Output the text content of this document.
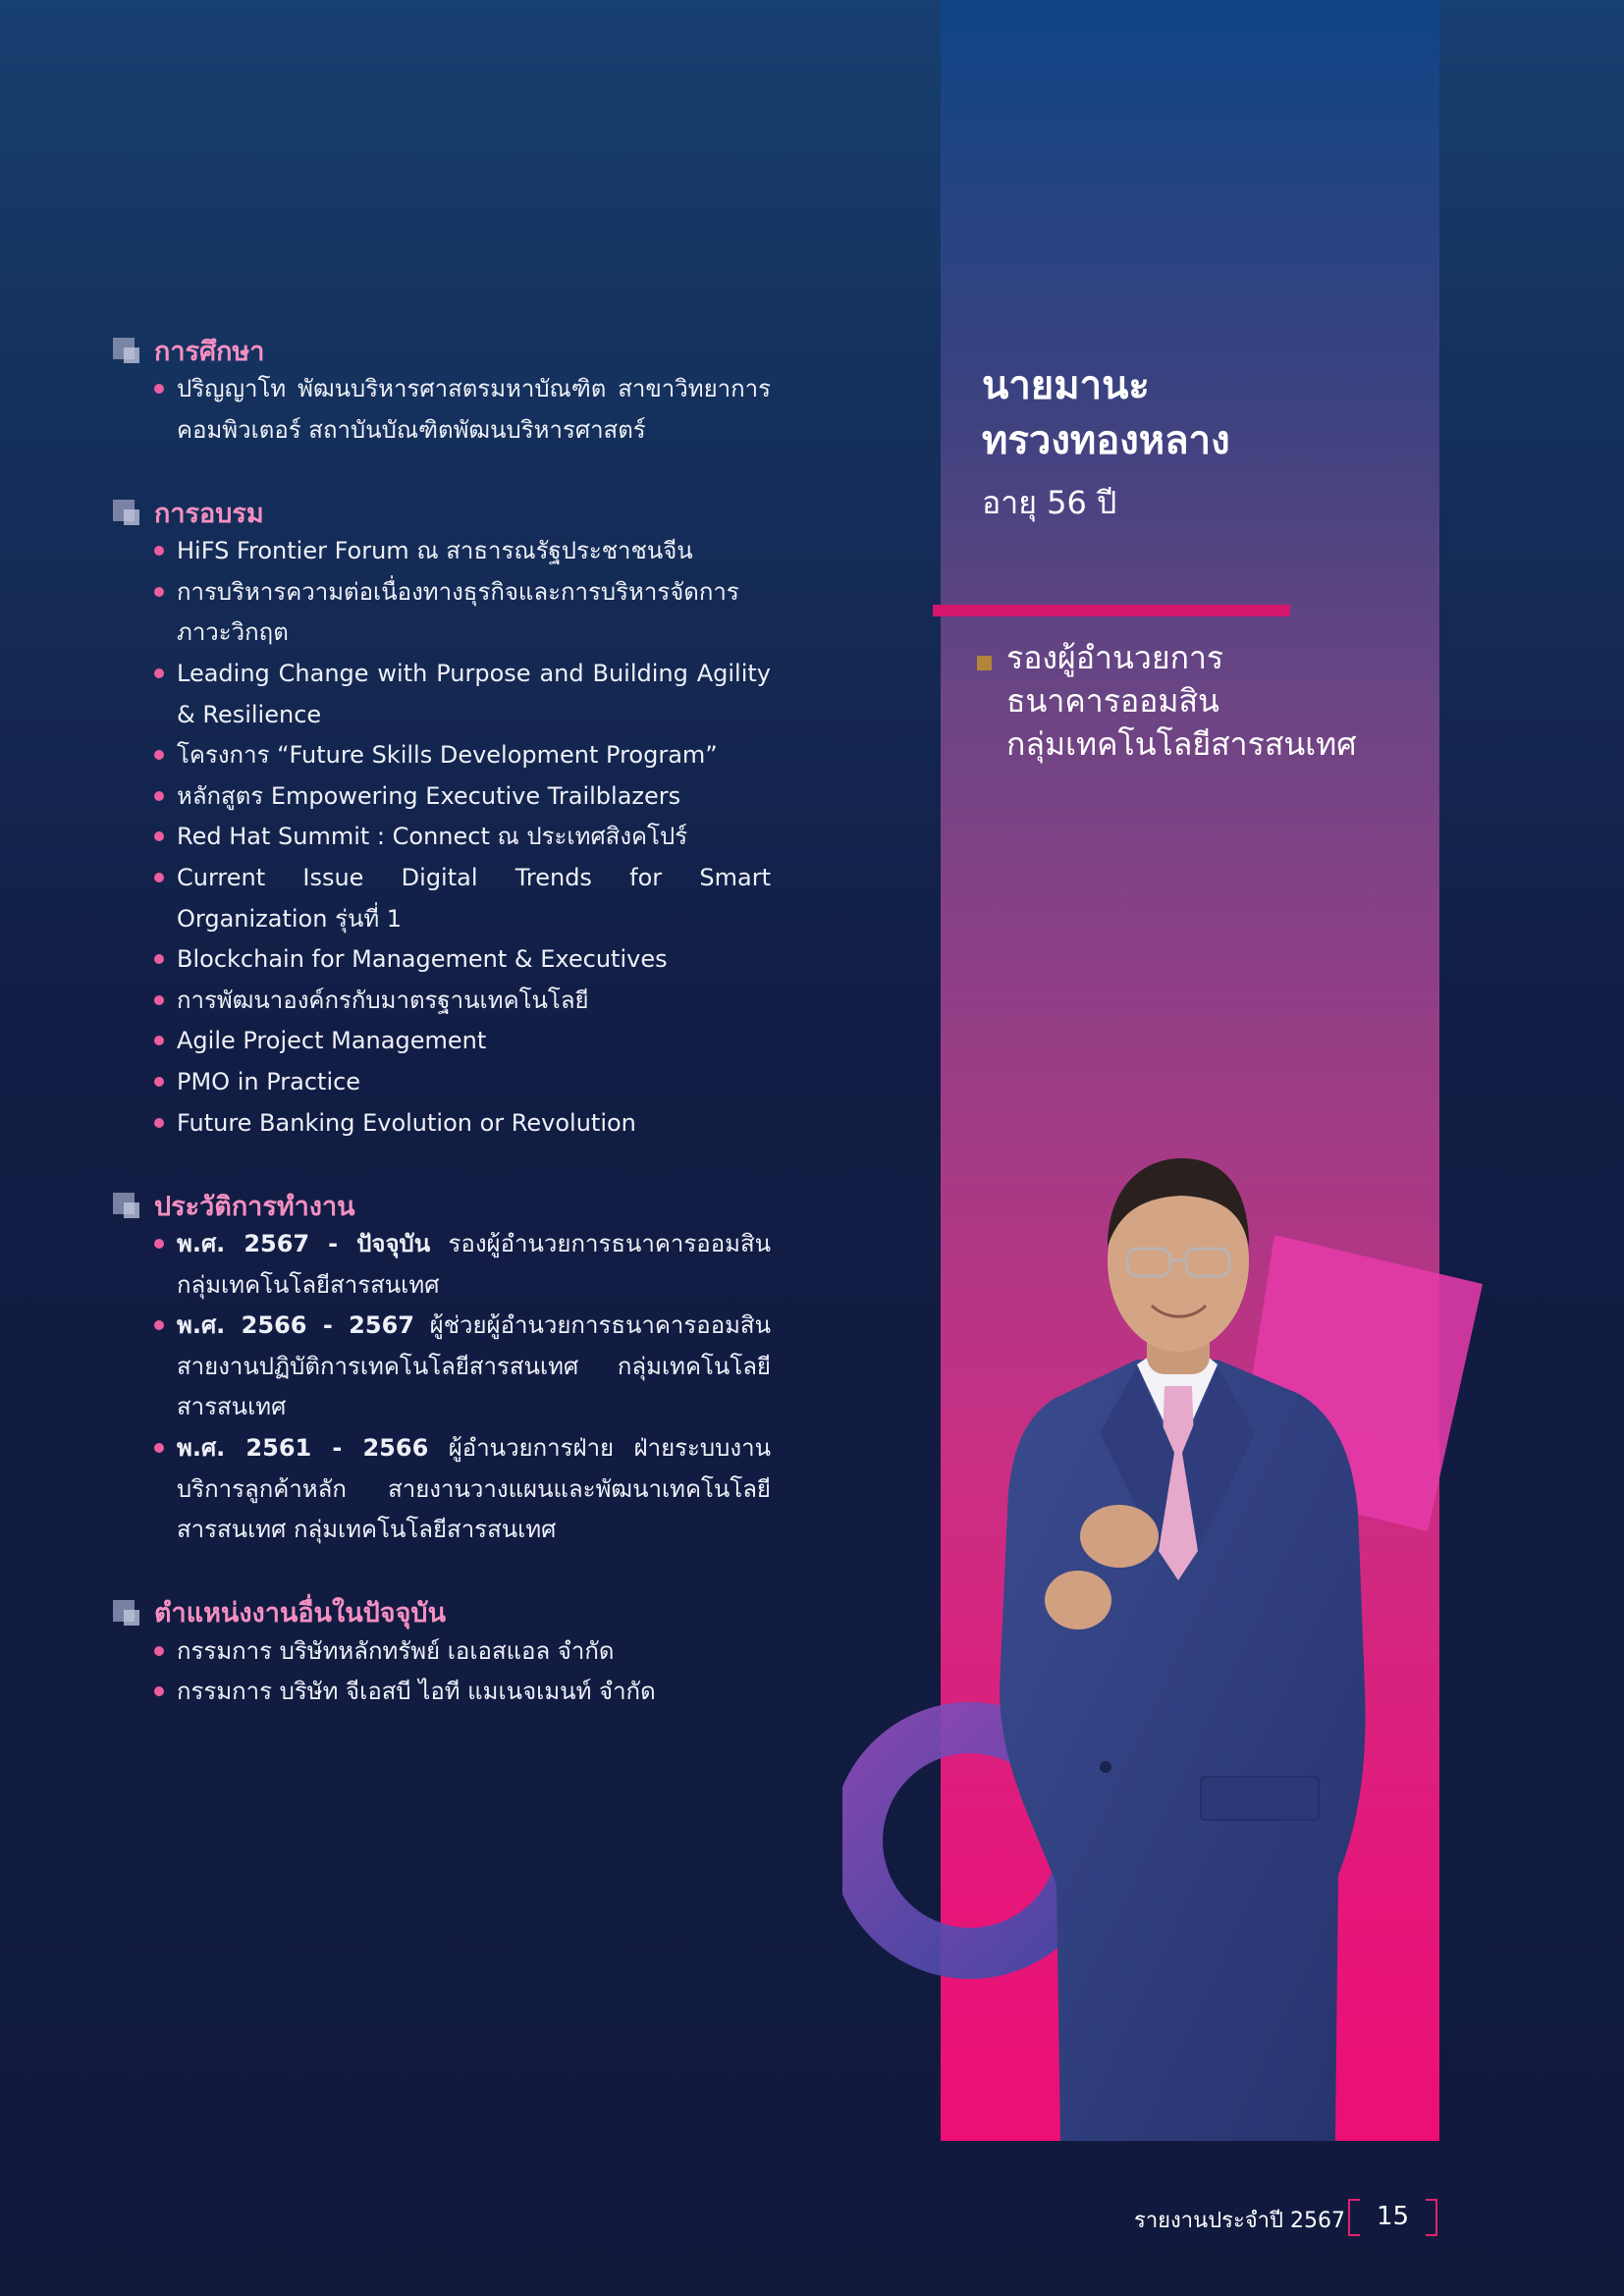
การศึกษา
ปริญญาโท พัฒนบริหารศาสตรมหาบัณฑิต สาขาวิทยาการคอมพิวเตอร์ สถาบันบัณฑิตพัฒนบริหารศาสตร์
การอบรม
HiFS Frontier Forum ณ สาธารณรัฐประชาชนจีน
การบริหารความต่อเนื่องทางธุรกิจและการบริหารจัดการภาวะวิกฤต
Leading Change with Purpose and Building Agility & Resilience
โครงการ “Future Skills Development Program”
หลักสูตร Empowering Executive Trailblazers
Red Hat Summit : Connect ณ ประเทศสิงคโปร์
Current Issue Digital Trends for Smart Organization รุ่นที่ 1
Blockchain for Management & Executives
การพัฒนาองค์กรกับมาตรฐานเทคโนโลยี
Agile Project Management
PMO in Practice
Future Banking Evolution or Revolution
ประวัติการทำงาน
พ.ศ. 2567 - ปัจจุบัน รองผู้อำนวยการธนาคารออมสิน กลุ่มเทคโนโลยีสารสนเทศ
พ.ศ. 2566 - 2567 ผู้ช่วยผู้อำนวยการธนาคารออมสิน สายงานปฏิบัติการเทคโนโลยีสารสนเทศ กลุ่มเทคโนโลยีสารสนเทศ
พ.ศ. 2561 - 2566 ผู้อำนวยการฝ่าย ฝ่ายระบบงานบริการลูกค้าหลัก สายงานวางแผนและพัฒนาเทคโนโลยีสารสนเทศ กลุ่มเทคโนโลยีสารสนเทศ
ตำแหน่งงานอื่นในปัจจุบัน
กรรมการ บริษัทหลักทรัพย์ เอเอสแอล จำกัด
กรรมการ บริษัท จีเอสบี ไอที แมเนจเมนท์ จำกัด
นายมานะ
ทรวงทองหลาง
อายุ 56 ปี
รองผู้อำนวยการ
ธนาคารออมสิน
กลุ่มเทคโนโลยีสารสนเทศ
รายงานประจำปี 2567	15
